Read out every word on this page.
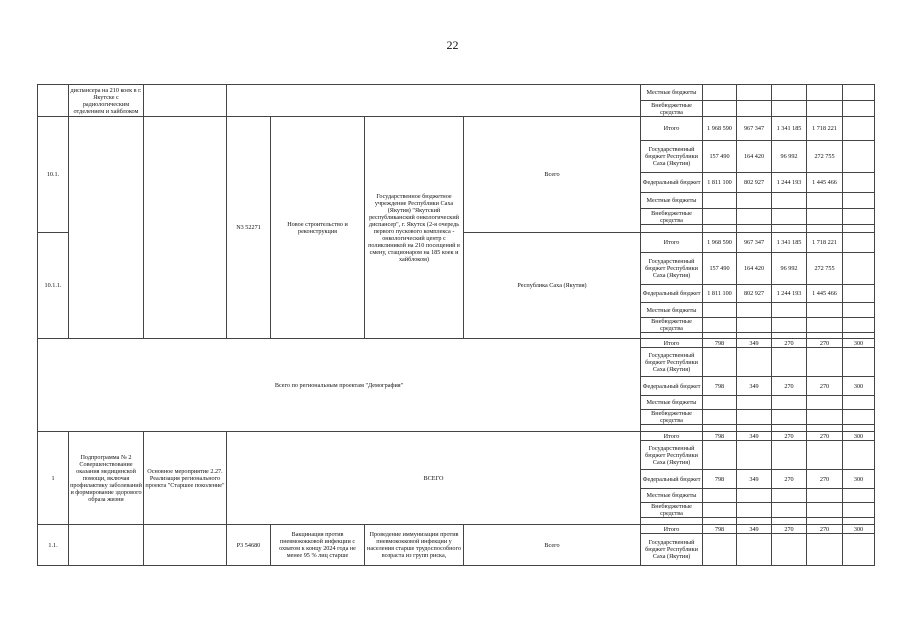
22
	диспансера на 210 коек в г. Якутске с радиологическим отделением и хайблоком						Местные бюджеты					
							Внебюджетные средства					
10.1.			N3 52271	Новое строительство и реконструкция	Государственное бюджетное учреждение Республики Саха (Якутия) "Якутский республиканский онкологический диспансер", г. Якутск (2-я очередь первого пускового комплекса - онкологический центр с поликлиникой на 210 посещений в смену, стационаром на 185 коек и хайблоком)	Всего	Итого	1 968 590	967 347	1 341 185	1 718 221	
							Государственный бюджет Республики Саха (Якутия)	157 490	164 420	96 992	272 755	
							Федеральный бюджет	1 811 100	802 927	1 244 193	1 445 466	
							Местные бюджеты					
							Внебюджетные средства					

10.1.1.						Республика Саха (Якутия)	Итого	1 968 590	967 347	1 341 185	1 718 221	
							Государственный бюджет Республики Саха (Якутия)	157 490	164 420	96 992	272 755	
							Федеральный бюджет	1 811 100	802 927	1 244 193	1 445 466	
							Местные бюджеты					
							Внебюджетные средства					

Всего по региональным проектам "Демография"							Итого	798	349	270	270	300
							Государственный бюджет Республики Саха (Якутия)					
							Федеральный бюджет	798	349	270	270	300
							Местные бюджеты					
							Внебюджетные средства					

1	Подпрограмма № 2 Совершенствование оказания медицинской помощи, включая профилактику заболеваний и формирование здорового образа жизни	Основное мероприятие 2.27. Реализация регионального проекта "Старшее поколение"	ВСЕГО				Итого	798	349	270	270	300
							Государственный бюджет Республики Саха (Якутия)					
							Федеральный бюджет	798	349	270	270	300
							Местные бюджеты					
							Внебюджетные средства					

1.1.			P3 54680	Вакцинация против пневмококковой инфекции с охватом к концу 2024 года не менее 95 % лиц старше	Проведение иммунизации против пневмококковой инфекции у населения старше трудоспособного возраста из групп риска,	Всего	Итого	798	349	270	270	300
							Государственный бюджет Республики Саха (Якутия)					
